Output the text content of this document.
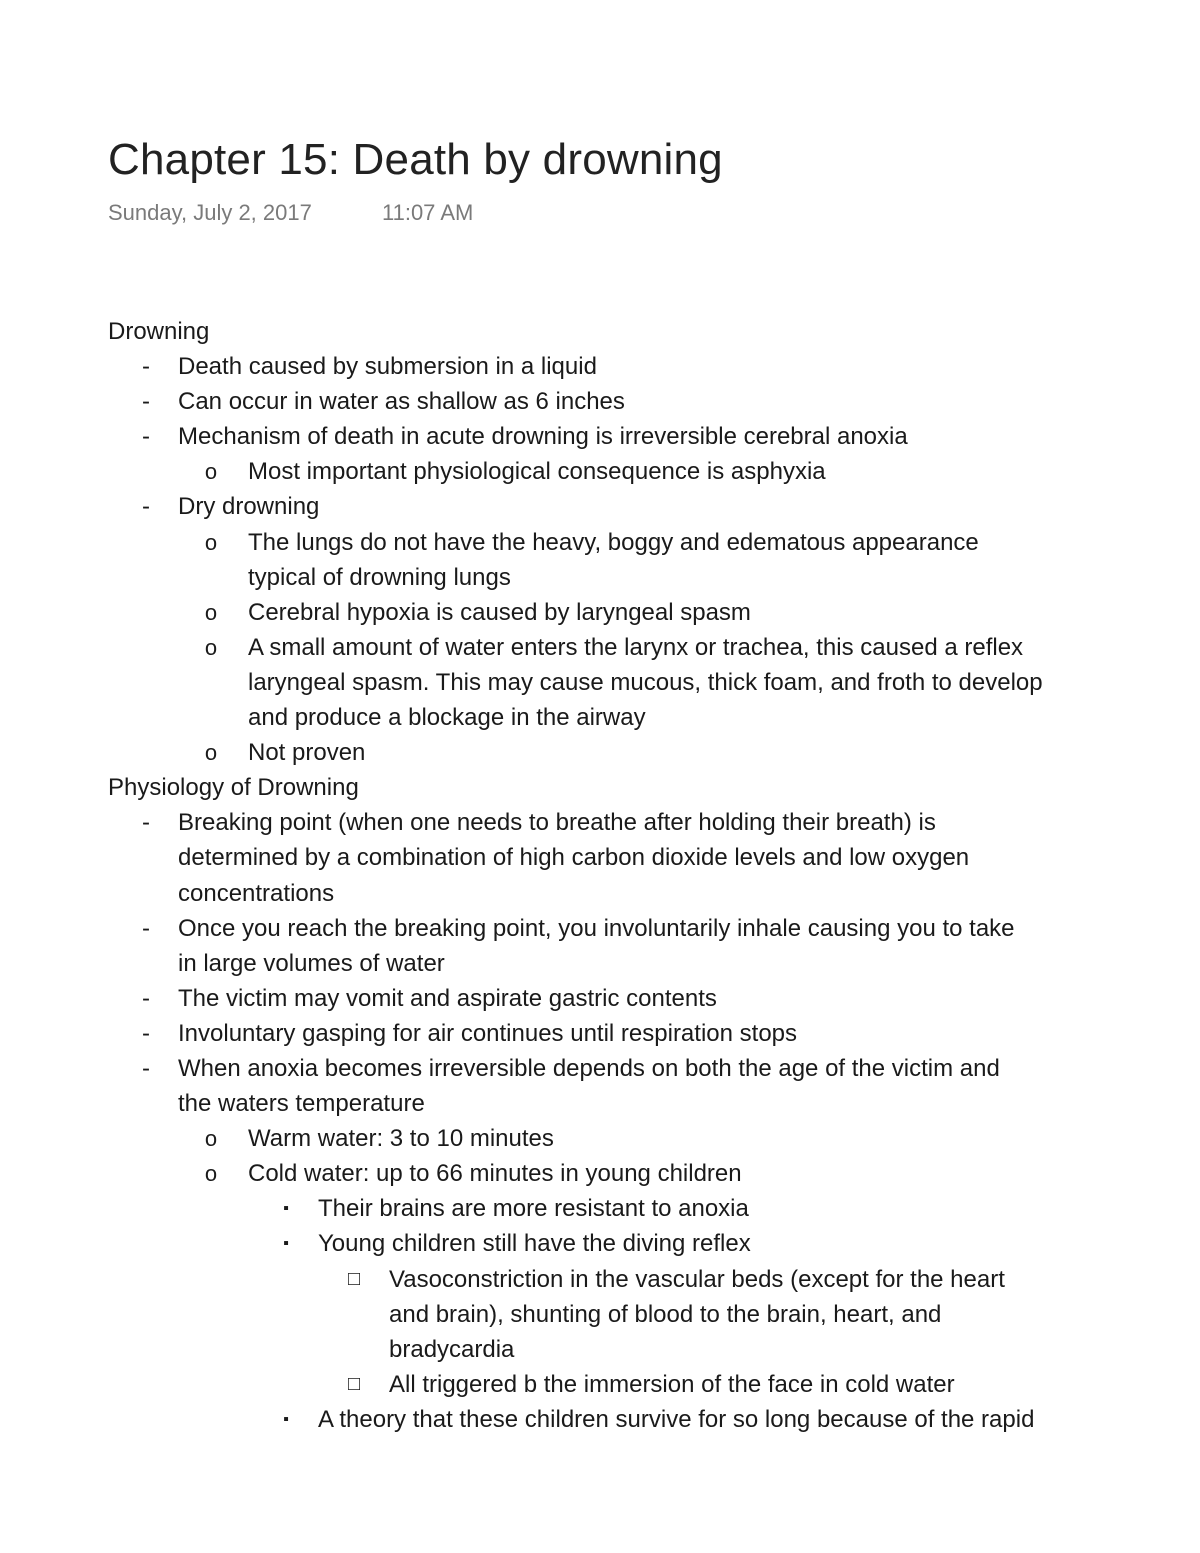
Chapter 15: Death by drowning
Sunday, July 2, 2017	11:07 AM
Drowning
- Death caused by submersion in a liquid
- Can occur in water as shallow as 6 inches
- Mechanism of death in acute drowning is irreversible cerebral anoxia
o Most important physiological consequence is asphyxia
- Dry drowning
o The lungs do not have the heavy, boggy and edematous appearance
typical of drowning lungs
o Cerebral hypoxia is caused by laryngeal spasm
o A small amount of water enters the larynx or trachea, this caused a reflex
laryngeal spasm. This may cause mucous, thick foam, and froth to develop
and produce a blockage in the airway
o Not proven
Physiology of Drowning
- Breaking point (when one needs to breathe after holding their breath) is
determined by a combination of high carbon dioxide levels and low oxygen
concentrations
- Once you reach the breaking point, you involuntarily inhale causing you to take
in large volumes of water
- The victim may vomit and aspirate gastric contents
- Involuntary gasping for air continues until respiration stops
- When anoxia becomes irreversible depends on both the age of the victim and
the waters temperature
o Warm water: 3 to 10 minutes
o Cold water: up to 66 minutes in young children
▪ Their brains are more resistant to anoxia
▪ Young children still have the diving reflex
□ Vasoconstriction in the vascular beds (except for the heart
and brain), shunting of blood to the brain, heart, and
bradycardia
□ All triggered b the immersion of the face in cold water
▪ A theory that these children survive for so long because of the rapid
